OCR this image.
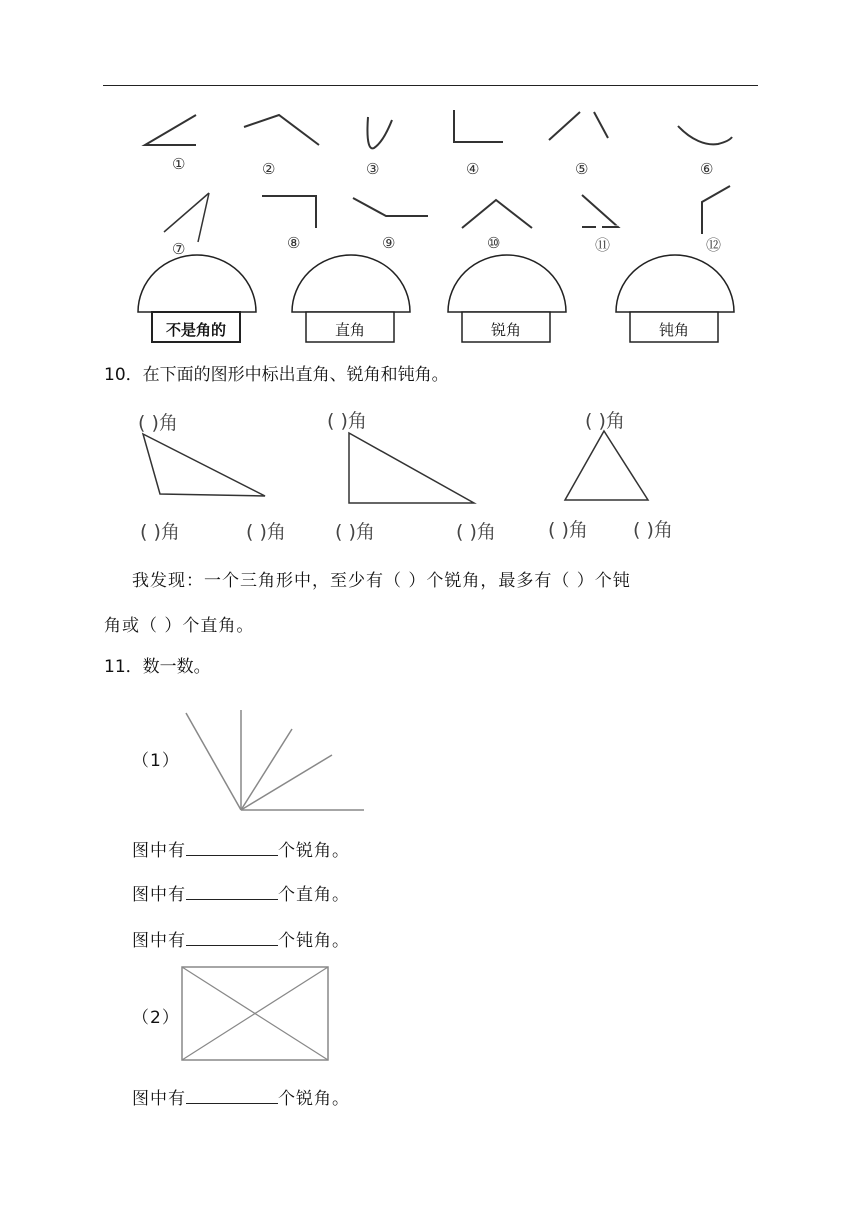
①	②	③	④	⑤	⑥
⑦	⑧	⑨	⑩	⑪	⑫
不是角的	直角	锐角	钝角
10．在下面的图形中标出直角、锐角和钝角。
( )角	( )角	( )角
( )角	( )角	( )角	( )角	( )角 ( )角
我发现：一个三角形中，至少有（ ）个锐角，最多有（ ）个钝
角或（ ）个直角。
11．数一数。
（1）
图中有	个锐角。
图中有	个直角。
图中有	个钝角。
（2）
图中有	个锐角。
